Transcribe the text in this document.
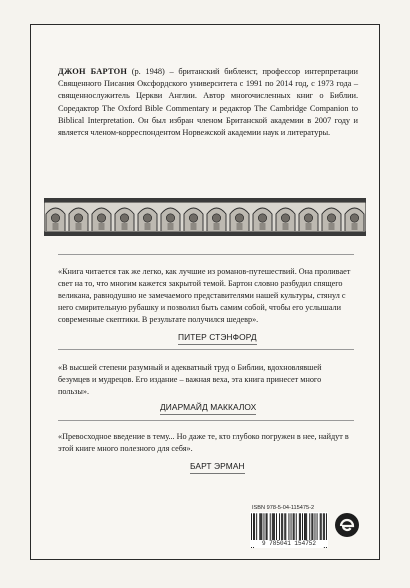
ДЖОН БАРТОН (р. 1948) – британский библеист, профессор интерпретации Священного Писания Оксфордского университета с 1991 по 2014 год, с 1973 года – священнослужитель Церкви Англии. Автор многочисленных книг о Библии. Соредактор The Oxford Bible Commentary и редактор The Cambridge Companion to Biblical Interpretation. Он был избран членом Британской академии в 2007 году и является членом-корреспондентом Норвежской академии наук и литературы.
«Книга читается так же легко, как лучшие из романов-путешествий. Она проливает свет на то, что многим кажется закрытой темой. Бартон словно разбудил спящего великана, равнодушно не замечаемого представителями нашей культуры, стянул с него смирительную рубашку и позволил быть самим собой, чтобы его услышали современные скептики. В результате получился шедевр».
ПИТЕР СТЭНФОРД
«В высшей степени разумный и адекватный труд о Библии, вдохновлявшей безумцев и мудрецов. Его издание – важная веха, эта книга принесет много пользы».
ДИАРМАЙД МАККАЛОХ
«Превосходное введение в тему... Но даже те, кто глубоко погружен в нее, найдут в этой книге много полезного для себя».
БАРТ ЭРМАН
ISBN 978-5-04-115475-2
9 785041 154752
